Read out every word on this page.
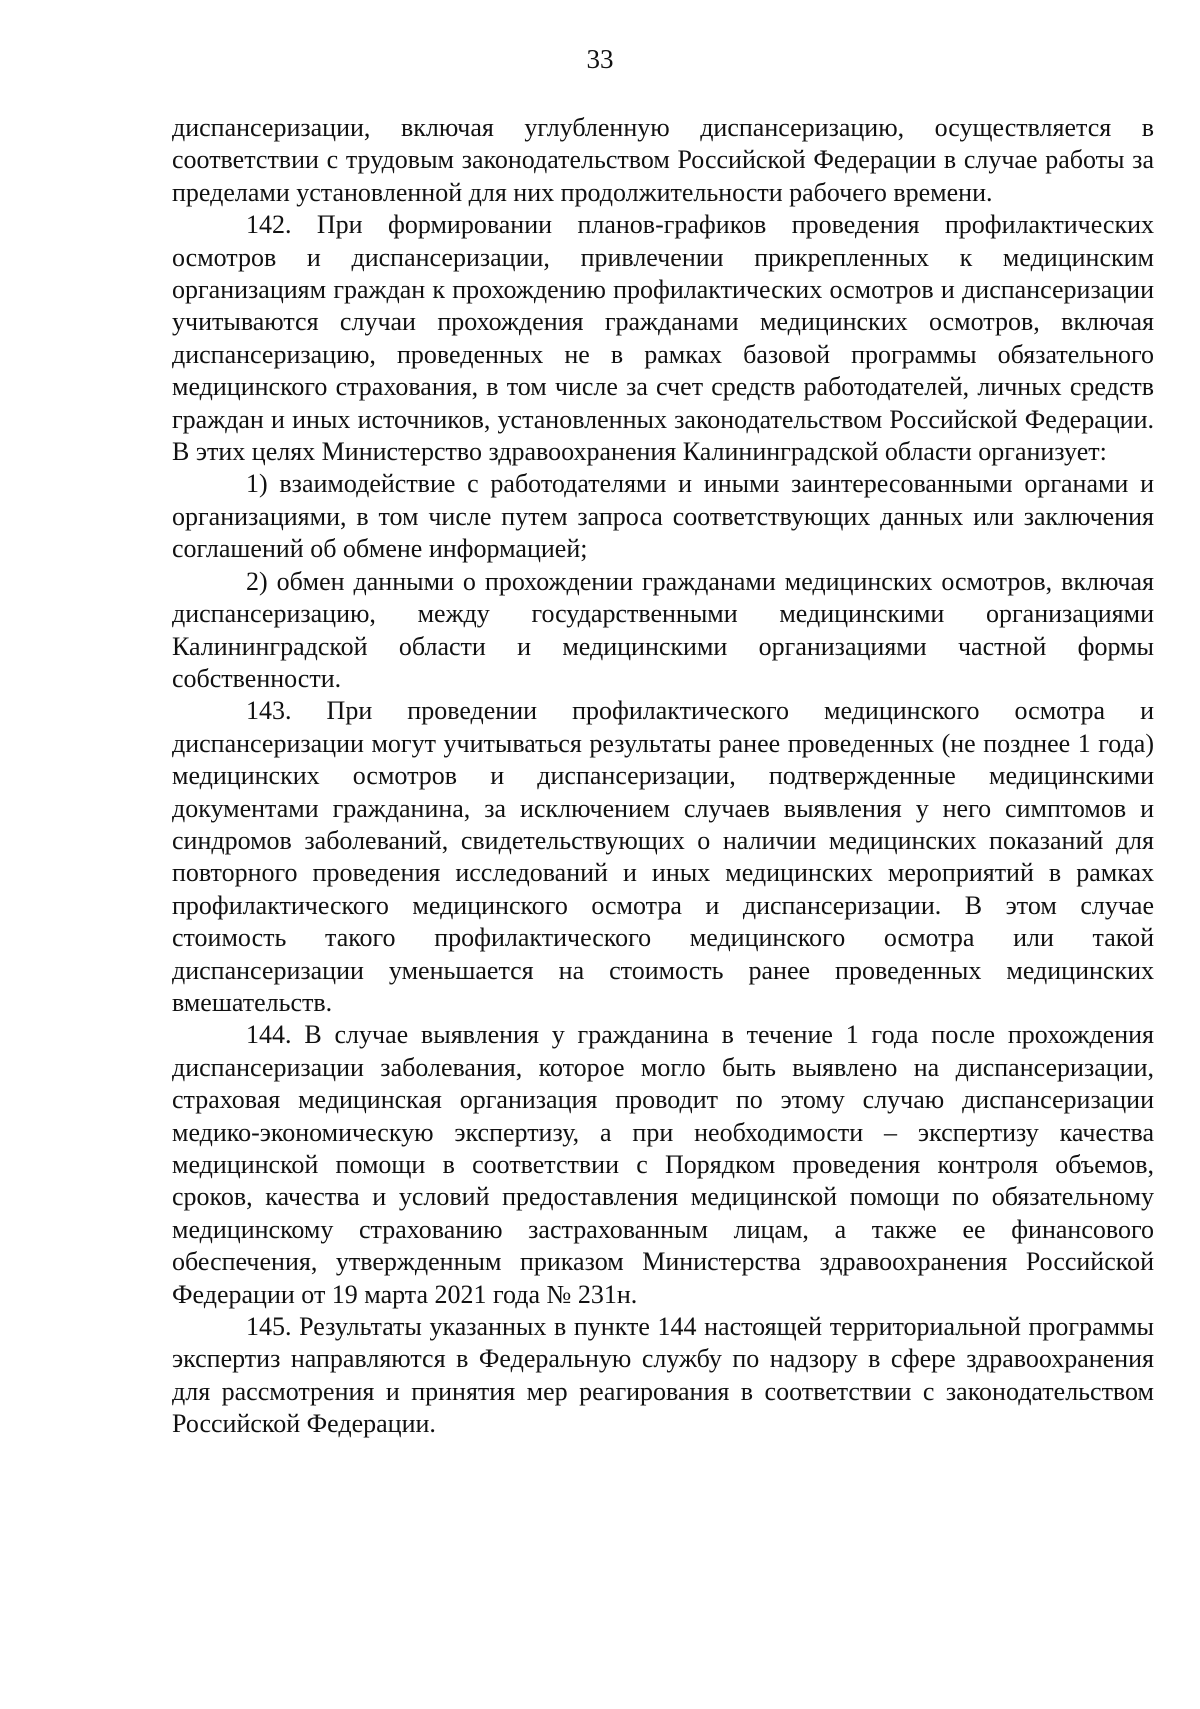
33

диспансеризации, включая углубленную диспансеризацию, осуществляется в соответствии с трудовым законодательством Российской Федерации в случае работы за пределами установленной для них продолжительности рабочего времени.

142. При формировании планов-графиков проведения профилактических осмотров и диспансеризации, привлечении прикрепленных к медицинским организациям граждан к прохождению профилактических осмотров и диспансеризации учитываются случаи прохождения гражданами медицинских осмотров, включая диспансеризацию, проведенных не в рамках базовой программы обязательного медицинского страхования, в том числе за счет средств работодателей, личных средств граждан и иных источников, установленных законодательством Российской Федерации. В этих целях Министерство здравоохранения Калининградской области организует:

1) взаимодействие с работодателями и иными заинтересованными органами и организациями, в том числе путем запроса соответствующих данных или заключения соглашений об обмене информацией;

2) обмен данными о прохождении гражданами медицинских осмотров, включая диспансеризацию, между государственными медицинскими организациями Калининградской области и медицинскими организациями частной формы собственности.

143. При проведении профилактического медицинского осмотра и диспансеризации могут учитываться результаты ранее проведенных (не позднее 1 года) медицинских осмотров и диспансеризации, подтвержденные медицинскими документами гражданина, за исключением случаев выявления у него симптомов и синдромов заболеваний, свидетельствующих о наличии медицинских показаний для повторного проведения исследований и иных медицинских мероприятий в рамках профилактического медицинского осмотра и диспансеризации. В этом случае стоимость такого профилактического медицинского осмотра или такой диспансеризации уменьшается на стоимость ранее проведенных медицинских вмешательств.

144. В случае выявления у гражданина в течение 1 года после прохождения диспансеризации заболевания, которое могло быть выявлено на диспансеризации, страховая медицинская организация проводит по этому случаю диспансеризации медико-экономическую экспертизу, а при необходимости – экспертизу качества медицинской помощи в соответствии с Порядком проведения контроля объемов, сроков, качества и условий предоставления медицинской помощи по обязательному медицинскому страхованию застрахованным лицам, а также ее финансового обеспечения, утвержденным приказом Министерства здравоохранения Российской Федерации от 19 марта 2021 года № 231н.

145. Результаты указанных в пункте 144 настоящей территориальной программы экспертиз направляются в Федеральную службу по надзору в сфере здравоохранения для рассмотрения и принятия мер реагирования в соответствии с законодательством Российской Федерации.
